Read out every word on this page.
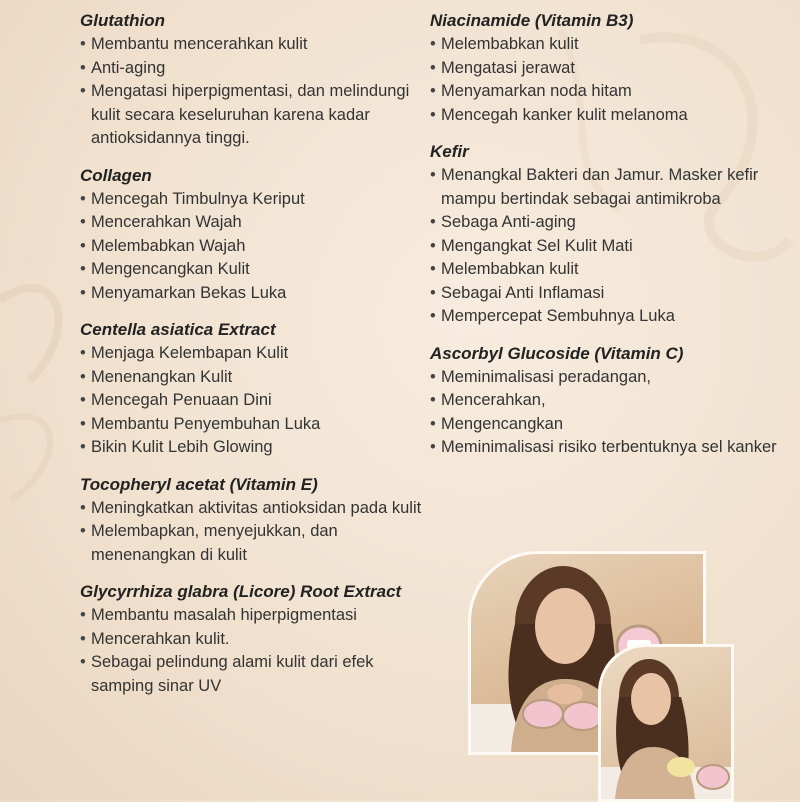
Glutathion
• Membantu mencerahkan kulit
• Anti-aging
• Mengatasi hiperpigmentasi, dan melindungi kulit secara keseluruhan karena kadar antioksidannya tinggi.
Collagen
• Mencegah Timbulnya Keriput
• Mencerahkan Wajah
• Melembabkan Wajah
• Mengencangkan Kulit
• Menyamarkan Bekas Luka
Centella asiatica Extract
• Menjaga Kelembapan Kulit
• Menenangkan Kulit
• Mencegah Penuaan Dini
• Membantu Penyembuhan Luka
• Bikin Kulit Lebih Glowing
Tocopheryl acetat (Vitamin E)
• Meningkatkan aktivitas antioksidan pada kulit
• Melembapkan, menyejukkan, dan menenangkan di kulit
Glycyrrhiza glabra (Licore) Root Extract
• Membantu masalah hiperpigmentasi
• Mencerahkan kulit.
• Sebagai pelindung alami kulit dari efek samping sinar UV
Niacinamide (Vitamin B3)
• Melembabkan kulit
• Mengatasi jerawat
• Menyamarkan noda hitam
• Mencegah kanker kulit melanoma
Kefir
• Menangkal Bakteri dan Jamur. Masker kefir mampu bertindak sebagai antimikroba
• Sebaga Anti-aging
• Mengangkat Sel Kulit Mati
• Melembabkan kulit
• Sebagai Anti Inflamasi
• Mempercepat Sembuhnya Luka
Ascorbyl Glucoside (Vitamin C)
• Meminimalisasi peradangan,
• Mencerahkan,
• Mengencangkan
• Meminimalisasi risiko terbentuknya sel kanker
